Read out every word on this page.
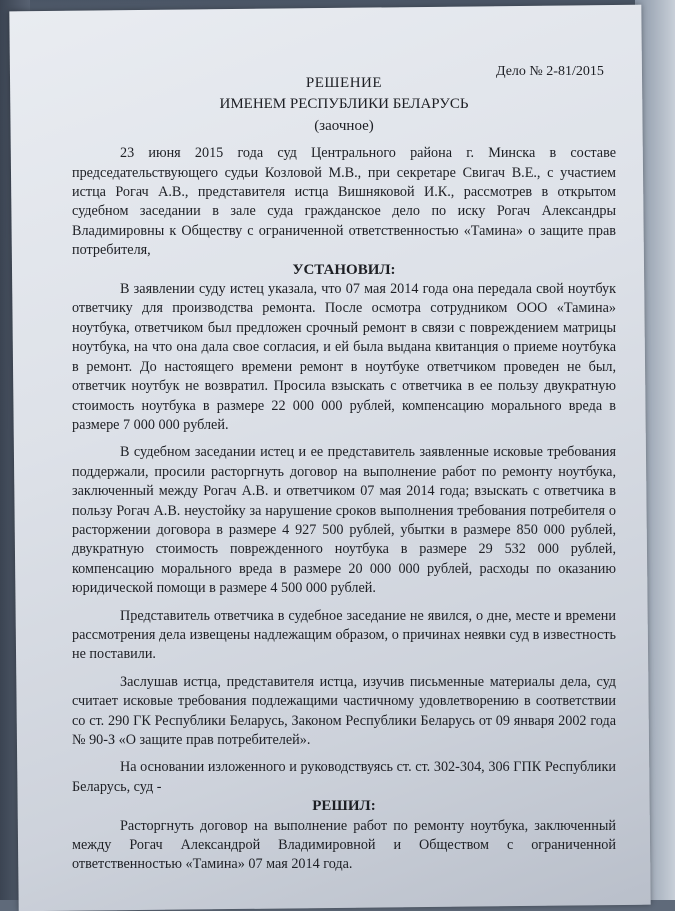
Дело № 2-81/2015
РЕШЕНИЕ
ИМЕНЕМ РЕСПУБЛИКИ БЕЛАРУСЬ
(заочное)

23 июня 2015 года суд Центрального района г. Минска в составе председательствующего судьи Козловой М.В., при секретаре Свигач В.Е., с участием истца Рогач А.В., представителя истца Вишняковой И.К., рассмотрев в открытом судебном заседании в зале суда гражданское дело по иску Рогач Александры Владимировны к Обществу с ограниченной ответственностью «Тамина» о защите прав потребителя,

УСТАНОВИЛ:

В заявлении суду истец указала, что 07 мая 2014 года она передала свой ноутбук ответчику для производства ремонта. После осмотра сотрудником ООО «Тамина» ноутбука, ответчиком был предложен срочный ремонт в связи с повреждением матрицы ноутбука, на что она дала свое согласия, и ей была выдана квитанция о приеме ноутбука в ремонт. До настоящего времени ремонт в ноутбуке ответчиком проведен не был, ответчик ноутбук не возвратил. Просила взыскать с ответчика в ее пользу двукратную стоимость ноутбука в размере 22 000 000 рублей, компенсацию морального вреда в размере 7 000 000 рублей.

В судебном заседании истец и ее представитель заявленные исковые требования поддержали, просили расторгнуть договор на выполнение работ по ремонту ноутбука, заключенный между Рогач А.В. и ответчиком 07 мая 2014 года; взыскать с ответчика в пользу Рогач А.В. неустойку за нарушение сроков выполнения требования потребителя о расторжении договора в размере 4 927 500 рублей, убытки в размере 850 000 рублей, двукратную стоимость поврежденного ноутбука в размере 29 532 000 рублей, компенсацию морального вреда в размере 20 000 000 рублей, расходы по оказанию юридической помощи в размере 4 500 000 рублей.

Представитель ответчика в судебное заседание не явился, о дне, месте и времени рассмотрения дела извещены надлежащим образом, о причинах неявки суд в известность не поставили.

Заслушав истца, представителя истца, изучив письменные материалы дела, суд считает исковые требования подлежащими частичному удовлетворению в соответствии со ст. 290 ГК Республики Беларусь, Законом Республики Беларусь от 09 января 2002 года № 90-З «О защите прав потребителей».

На основании изложенного и руководствуясь ст. ст. 302-304, 306 ГПК Республики Беларусь, суд -

РЕШИЛ:

Расторгнуть договор на выполнение работ по ремонту ноутбука, заключенный между Рогач Александрой Владимировной и Обществом с ограниченной ответственностью «Тамина» 07 мая 2014 года.
